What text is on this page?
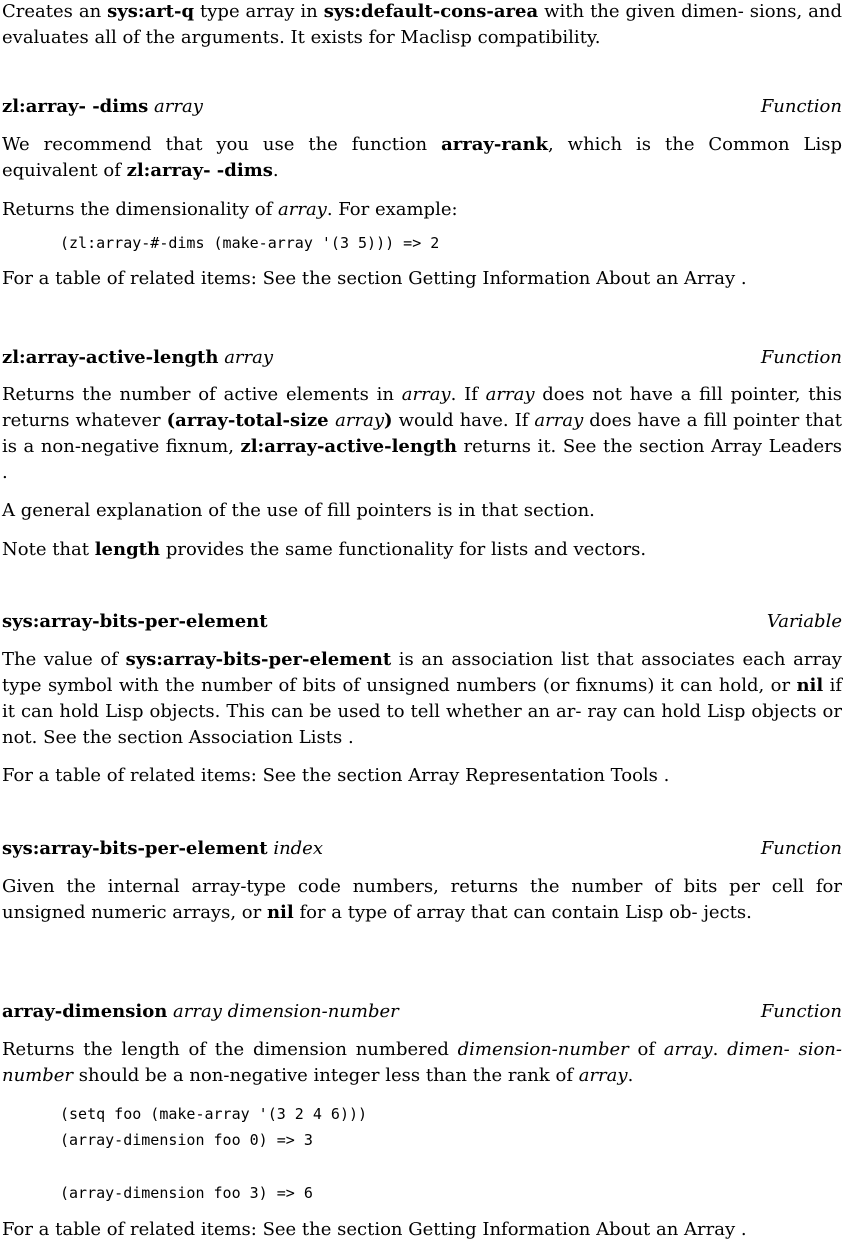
Creates an sys:art-q type array in sys:default-cons-area with the given dimen- sions, and evaluates all of the arguments. It exists for Maclisp compatibility.

zl:array- -dims array	Function

We recommend that you use the function array-rank, which is the Common Lisp equivalent of zl:array- -dims.

Returns the dimensionality of array. For example:

(zl:array-#-dims (make-array '(3 5))) => 2

For a table of related items: See the section Getting Information About an Array .

zl:array-active-length array	Function

Returns the number of active elements in array. If array does not have a fill pointer, this returns whatever (array-total-size array) would have. If array does have a fill pointer that is a non-negative fixnum, zl:array-active-length returns it. See the section Array Leaders .

A general explanation of the use of fill pointers is in that section.

Note that length provides the same functionality for lists and vectors.

sys:array-bits-per-element	Variable

The value of sys:array-bits-per-element is an association list that associates each array type symbol with the number of bits of unsigned numbers (or fixnums) it can hold, or nil if it can hold Lisp objects. This can be used to tell whether an ar- ray can hold Lisp objects or not. See the section Association Lists .

For a table of related items: See the section Array Representation Tools .

sys:array-bits-per-element index	Function

Given the internal array-type code numbers, returns the number of bits per cell for unsigned numeric arrays, or nil for a type of array that can contain Lisp ob- jects.

array-dimension array dimension-number	Function

Returns the length of the dimension numbered dimension-number of array. dimen- sion-number should be a non-negative integer less than the rank of array.

(setq foo (make-array '(3 2 4 6)))
(array-dimension foo 0) => 3
(array-dimension foo 3) => 6

For a table of related items: See the section Getting Information About an Array .
